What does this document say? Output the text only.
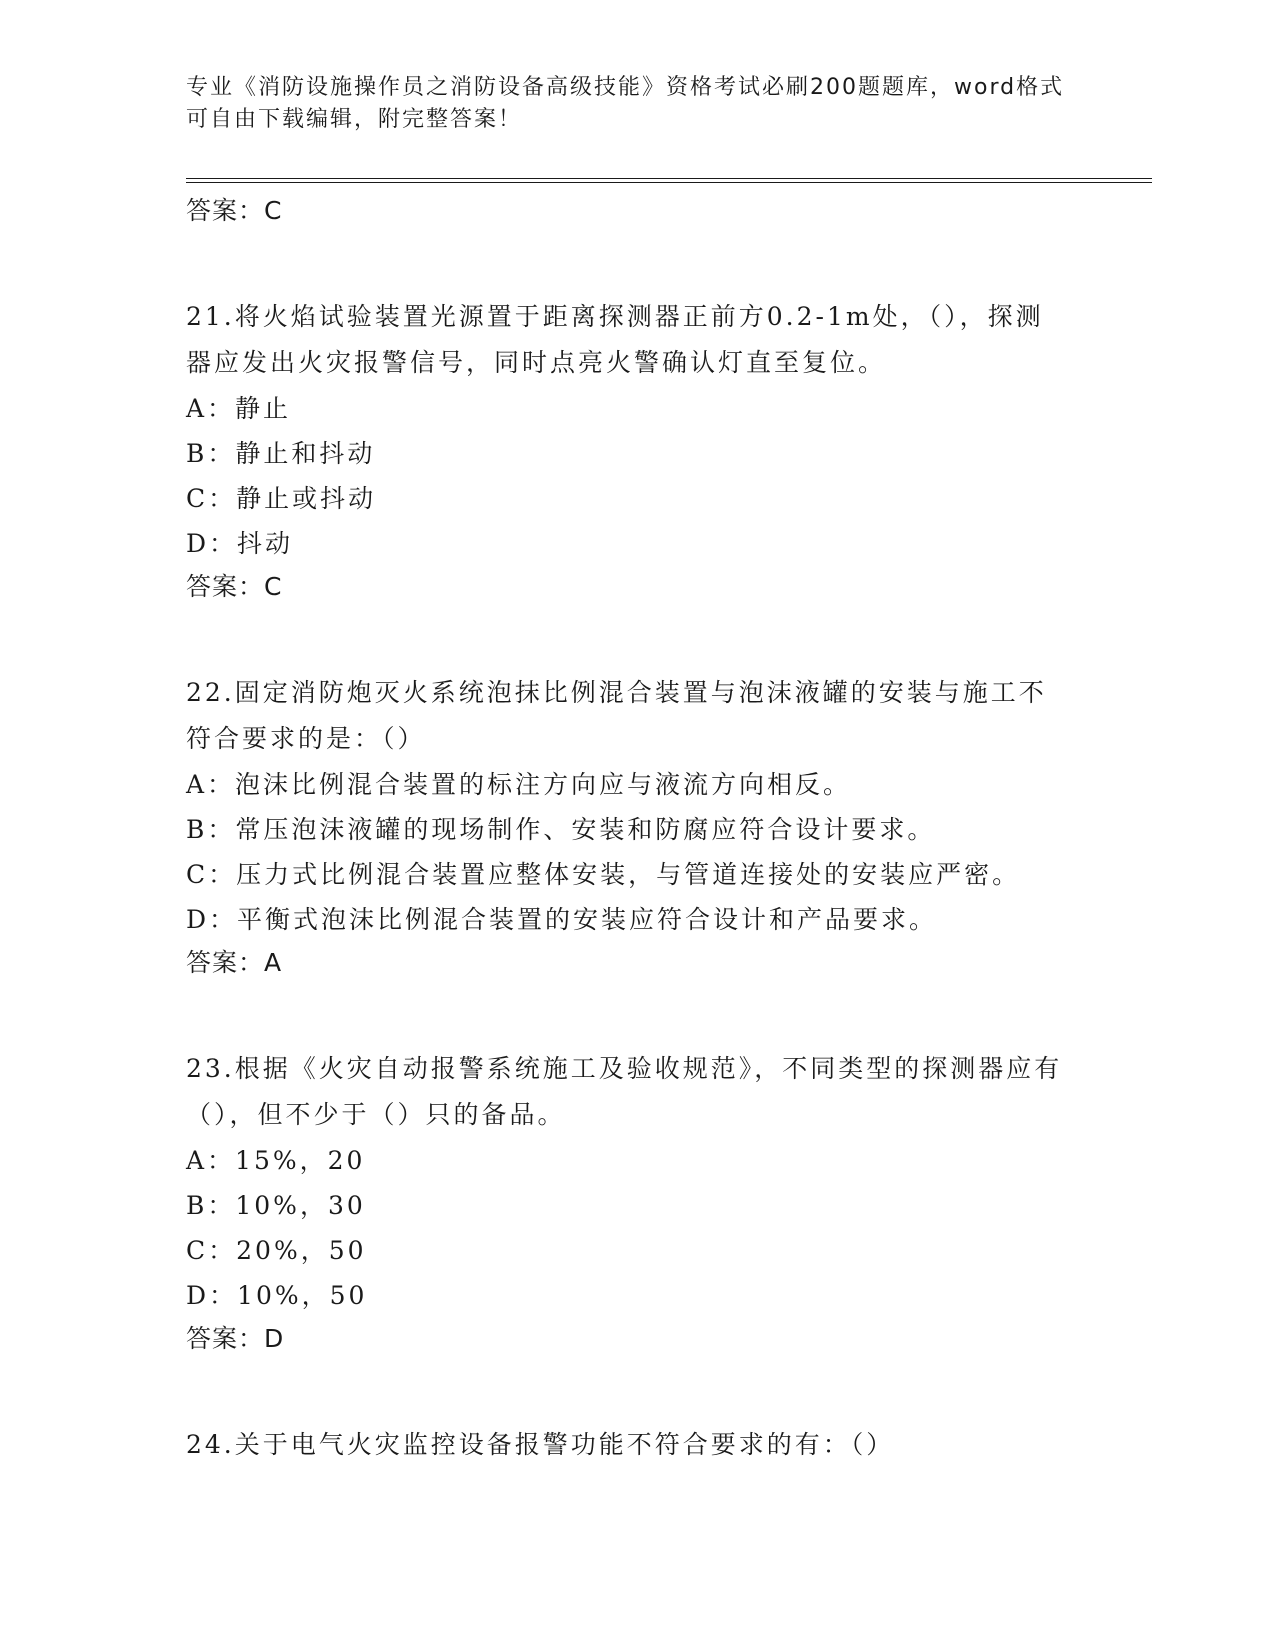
专业《消防设施操作员之消防设备高级技能》资格考试必刷200题题库，word格式可自由下载编辑，附完整答案！
答案：C
21.将火焰试验装置光源置于距离探测器正前方0.2-1m处，（），探测器应发出火灾报警信号，同时点亮火警确认灯直至复位。
A：静止
B：静止和抖动
C：静止或抖动
D：抖动
答案：C
22.固定消防炮灭火系统泡抹比例混合装置与泡沫液罐的安装与施工不符合要求的是：（）
A：泡沫比例混合装置的标注方向应与液流方向相反。
B：常压泡沫液罐的现场制作、安装和防腐应符合设计要求。
C：压力式比例混合装置应整体安装，与管道连接处的安装应严密。
D：平衡式泡沫比例混合装置的安装应符合设计和产品要求。
答案：A
23.根据《火灾自动报警系统施工及验收规范》，不同类型的探测器应有（），但不少于（）只的备品。
A：15%，20
B：10%，30
C：20%，50
D：10%，50
答案：D
24.关于电气火灾监控设备报警功能不符合要求的有：（）
